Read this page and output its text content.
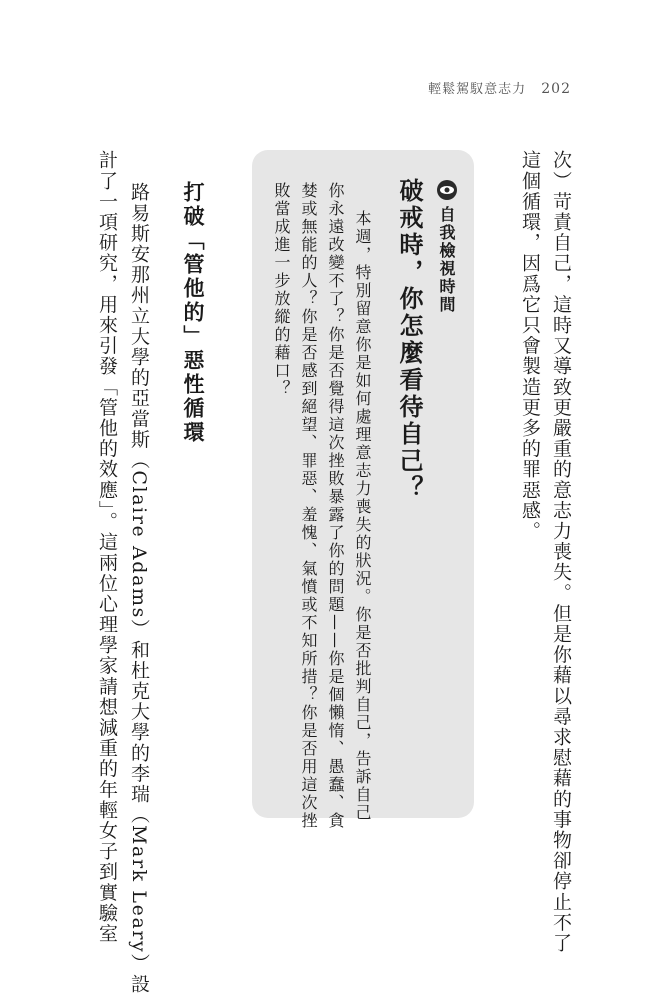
輕鬆駕馭意志力 202
次）苛責自己，這時又導致更嚴重的意志力喪失。但是你藉以尋求慰藉的事物卻停止不了
這個循環，因爲它只會製造更多的罪惡感。
自我檢視時間
破戒時，你怎麼看待自己？
本週，特別留意你是如何處理意志力喪失的狀況。你是否批判自己，告訴自己
你永遠改變不了？你是否覺得這次挫敗暴露了你的問題——你是個懶惰、愚蠢、貪
婪或無能的人？你是否感到絕望、罪惡、羞愧、氣憤或不知所措？你是否用這次挫
敗當成進一步放縱的藉口？
打破「管他的」惡性循環
路易斯安那州立大學的亞當斯（Claire Adams）和杜克大學的李瑞（Mark Leary）設
計了一項研究，用來引發「管他的效應」。這兩位心理學家請想減重的年輕女子到實驗室
